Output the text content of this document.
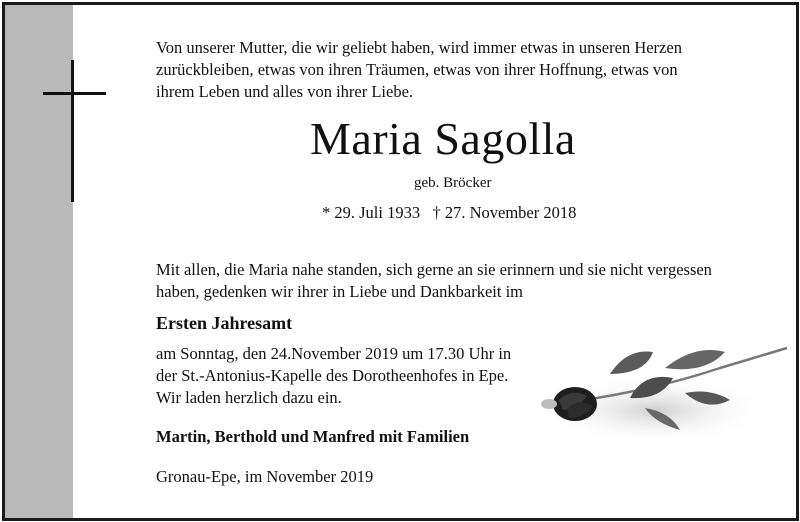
Von unserer Mutter, die wir geliebt haben, wird immer etwas in unseren Herzen

zurückbleiben, etwas von ihren Träumen, etwas von ihrer Hoffnung, etwas von

ihrem Leben und alles von ihrer Liebe.

Maria Sagolla

geb. Bröcker

* 29. Juli 1933   † 27. November 2018

Mit allen, die Maria nahe standen, sich gerne an sie erinnern und sie nicht vergessen

haben, gedenken wir ihrer in Liebe und Dankbarkeit im

Ersten Jahresamt

am Sonntag, den 24.November 2019 um 17.30 Uhr in

der St.-Antonius-Kapelle des Dorotheenhofes in Epe.

Wir laden herzlich dazu ein.

Martin, Berthold und Manfred mit Familien

Gronau-Epe, im November 2019
